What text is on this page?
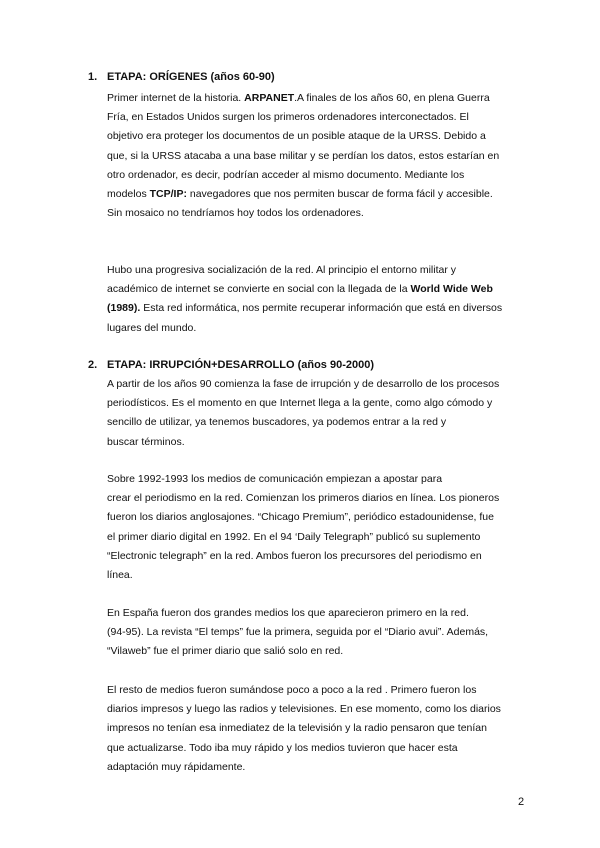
1. ETAPA: ORÍGENES (años 60-90)
Primer internet de la historia. ARPANET.A finales de los años 60, en plena Guerra
Fría, en Estados Unidos surgen los primeros ordenadores interconectados. El
objetivo era proteger los documentos de un posible ataque de la URSS. Debido a
que, si la URSS atacaba a una base militar y se perdían los datos, estos estarían en
otro ordenador, es decir, podrían acceder al mismo documento. Mediante los
modelos TCP/IP: navegadores que nos permiten buscar de forma fácil y accesible.
Sin mosaico no tendríamos hoy todos los ordenadores.
Hubo una progresiva socialización de la red. Al principio el entorno militar y
académico de internet se convierte en social con la llegada de la World Wide Web
(1989). Esta red informática, nos permite recuperar información que está en diversos
lugares del mundo.
2. ETAPA: IRRUPCIÓN+DESARROLLO (años 90-2000)
A partir de los años 90 comienza la fase de irrupción y de desarrollo de los procesos
periodísticos. Es el momento en que Internet llega a la gente, como algo cómodo y
sencillo de utilizar, ya tenemos buscadores, ya podemos entrar a la red y
buscar términos.
Sobre 1992-1993 los medios de comunicación empiezan a apostar para
crear el periodismo en la red. Comienzan los primeros diarios en línea. Los pioneros
fueron los diarios anglosajones. “Chicago Premium”, periódico estadounidense, fue
el primer diario digital en 1992. En el 94 ‘Daily Telegraph” publicó su suplemento
“Electronic telegraph” en la red. Ambos fueron los precursores del periodismo en
línea.
En España fueron dos grandes medios los que aparecieron primero en la red.
(94-95). La revista “El temps” fue la primera, seguida por el “Diario avui”. Además,
“Vilaweb” fue el primer diario que salió solo en red.
El resto de medios fueron sumándose poco a poco a la red . Primero fueron los
diarios impresos y luego las radios y televisiones. En ese momento, como los diarios
impresos no tenían esa inmediatez de la televisión y la radio pensaron que tenían
que actualizarse. Todo iba muy rápido y los medios tuvieron que hacer esta
adaptación muy rápidamente.
2
